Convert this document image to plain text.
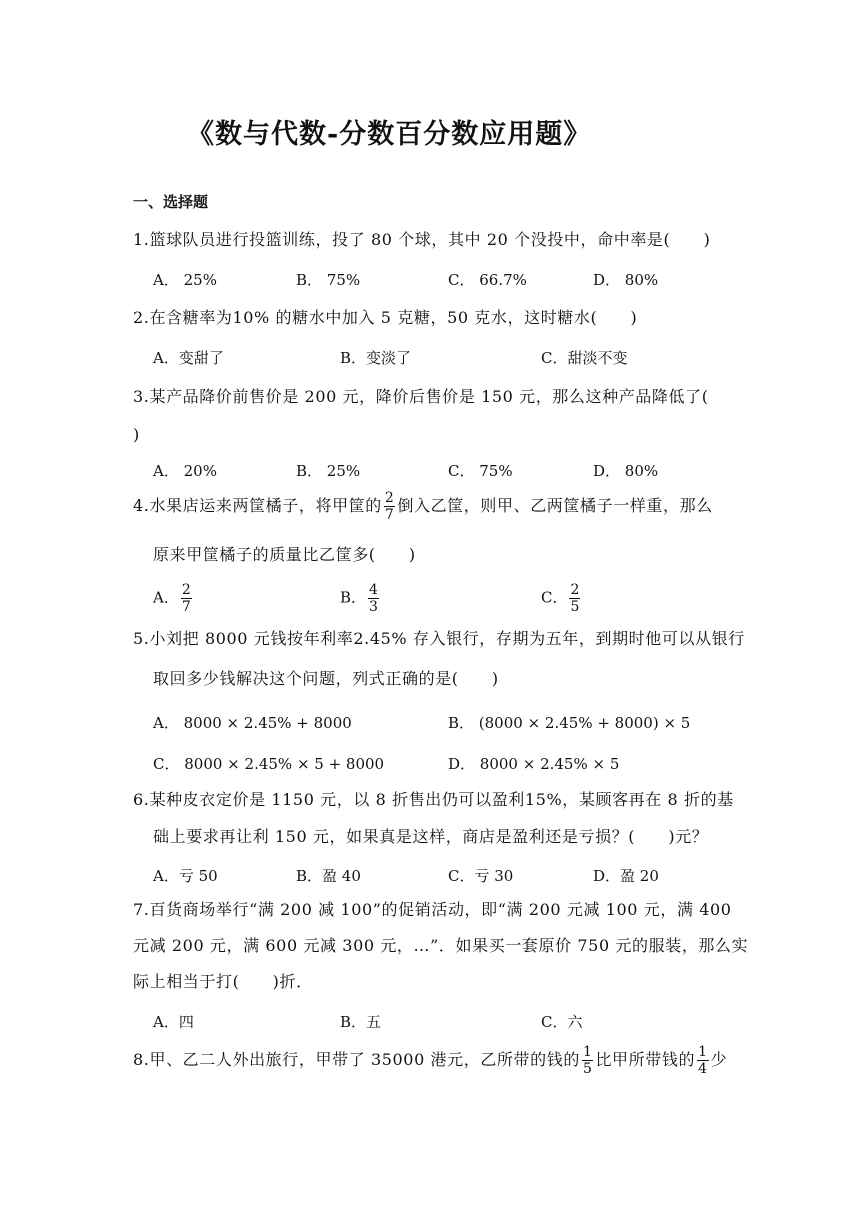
《数与代数-分数百分数应用题》
一、选择题
1.篮球队员进行投篮训练，投了 80 个球，其中 20 个没投中，命中率是(　　)
A． 25%	B． 75%	C． 66.7%	D． 80%
2.在含糖率为10% 的糖水中加入 5 克糖，50 克水，这时糖水(　　)
A．变甜了	B．变淡了	C．甜淡不变
3.某产品降价前售价是 200 元，降价后售价是 150 元，那么这种产品降低了(
)
A． 20%	B． 25%	C． 75%	D． 80%
4.水果店运来两筐橘子，将甲筐的 $\frac{2}{7}$ 倒入乙筐，则甲、乙两筐橘子一样重，那么
原来甲筐橘子的质量比乙筐多(　　)
A． $\frac{2}{7}$	B． $\frac{4}{3}$	C． $\frac{2}{5}$
5.小刘把 8000 元钱按年利率2.45% 存入银行，存期为五年，到期时他可以从银行
取回多少钱解决这个问题，列式正确的是(　　)
A． 8000 × 2.45% + 8000	B． (8000 × 2.45% + 8000) × 5
C． 8000 × 2.45% × 5 + 8000	D． 8000 × 2.45% × 5
6.某种皮衣定价是 1150 元，以 8 折售出仍可以盈利15%，某顾客再在 8 折的基
础上要求再让利 150 元，如果真是这样，商店是盈利还是亏损？(　　)元？
A．亏 50	B．盈 40	C．亏 30	D．盈 20
7.百货商场举行“满 200 减 100”的促销活动，即“满 200 元减 100 元，满 400
元减 200 元，满 600 元减 300 元，…”．如果买一套原价 750 元的服装，那么实
际上相当于打(　　)折．
A．四	B．五	C．六
8.甲、乙二人外出旅行，甲带了 35000 港元，乙所带的钱的 $\frac{1}{5}$ 比甲所带钱的 $\frac{1}{4}$ 少
